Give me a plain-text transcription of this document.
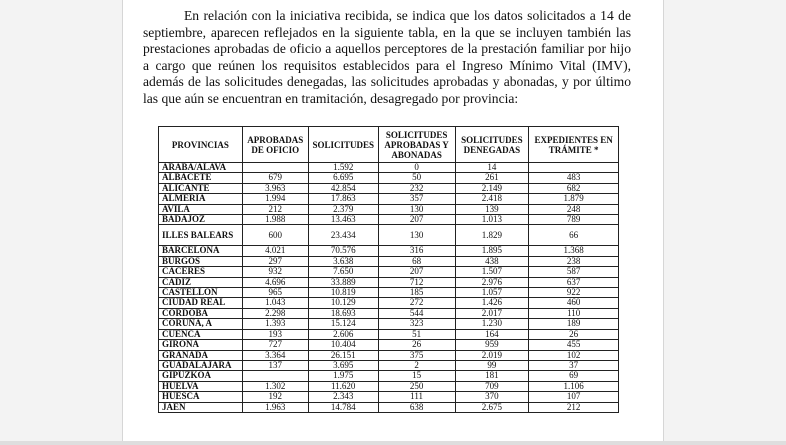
En relación con la iniciativa recibida, se indica que los datos solicitados a 14 de septiembre, aparecen reflejados en la siguiente tabla, en la que se incluyen también las prestaciones aprobadas de oficio a aquellos perceptores de la prestación familiar por hijo a cargo que reúnen los requisitos establecidos para el Ingreso Mínimo Vital (IMV), además de las solicitudes denegadas, las solicitudes aprobadas y abonadas, y por último las que aún se encuentran en tramitación, desagregado por provincia:

PROVINCIAS	APROBADAS DE OFICIO	SOLICITUDES	SOLICITUDES APROBADAS Y ABONADAS	SOLICITUDES DENEGADAS	EXPEDIENTES EN TRÁMITE *
ARABA/ALAVA		1.592	0	14	
ALBACETE	679	6.695	50	261	483
ALICANTE	3.963	42.854	232	2.149	682
ALMERIA	1.994	17.863	357	2.418	1.879
AVILA	212	2.379	130	139	248
BADAJOZ	1.988	13.463	207	1.013	789
ILLES BALEARS	600	23.434	130	1.829	66
BARCELONA	4.021	70.576	316	1.895	1.368
BURGOS	297	3.638	68	438	238
CACERES	932	7.650	207	1.507	587
CADIZ	4.696	33.889	712	2.976	637
CASTELLON	965	10.819	185	1.057	922
CIUDAD REAL	1.043	10.129	272	1.426	460
CORDOBA	2.298	18.693	544	2.017	110
CORUÑA, A	1.393	15.124	323	1.230	189
CUENCA	193	2.606	51	164	26
GIRONA	727	10.404	26	959	455
GRANADA	3.364	26.151	375	2.019	102
GUADALAJARA	137	3.695	2	99	37
GIPUZKOA		1.975	15	181	69
HUELVA	1.302	11.620	250	709	1.106
HUESCA	192	2.343	111	370	107
JAEN	1.963	14.784	638	2.675	212
